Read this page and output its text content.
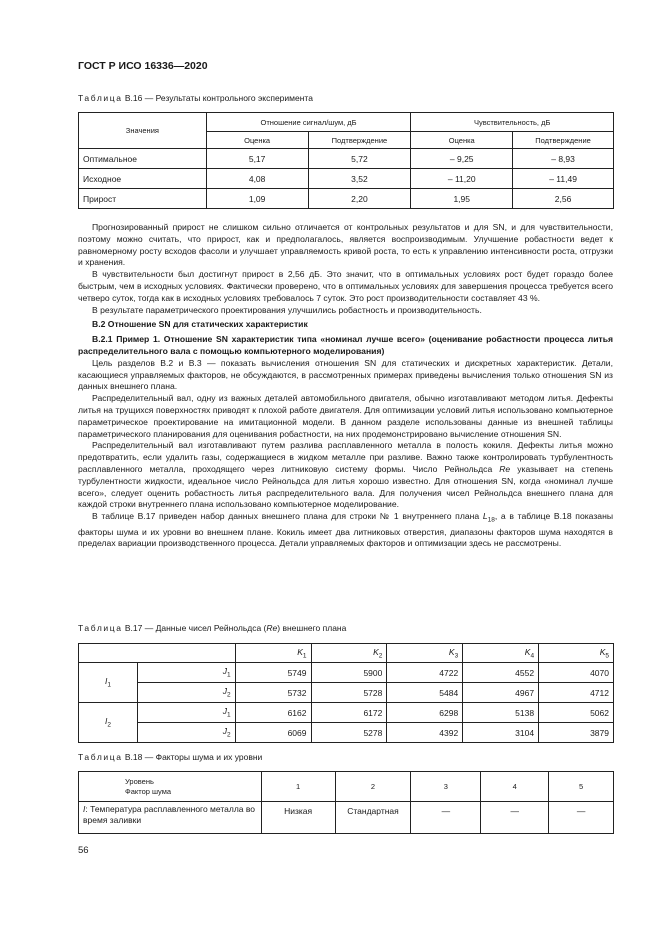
ГОСТ Р ИСО 16336—2020
Таблица В.16 — Результаты контрольного эксперимента
Значения	Отношение сигнал/шум, дБ		Чувствительность, дБ	
	Оценка	Подтверждение	Оценка	Подтверждение
Оптимальное	5,17	5,72	– 9,25	– 8,93
Исходное	4,08	3,52	– 11,20	– 11,49
Прирост	1,09	2,20	1,95	2,56

Прогнозированный прирост не слишком сильно отличается от контрольных результатов и для SN, и для чувствительности, поэтому можно считать, что прирост, как и предполагалось, является воспроизводимым. Улучшение робастности ведет к равномерному росту всходов фасоли и улучшает управляемость кривой роста, то есть к управлению интенсивности роста, отгрузки и хранения.

В чувствительности был достигнут прирост в 2,56 дБ. Это значит, что в оптимальных условиях рост будет гораздо более быстрым, чем в исходных условиях. Фактически проверено, что в оптимальных условиях для завершения процесса требуется всего четверо суток, тогда как в исходных условиях требовалось 7 суток. Это рост производительности составляет 43 %.

В результате параметрического проектирования улучшились робастность и производительность.

В.2 Отношение SN для статических характеристик

В.2.1 Пример 1. Отношение SN характеристик типа «номинал лучше всего» (оценивание робастности процесса литья распределительного вала с помощью компьютерного моделирования)

Цель разделов В.2 и В.3 — показать вычисления отношения SN для статических и дискретных характеристик. Детали, касающиеся управляемых факторов, не обсуждаются, в рассмотренных примерах приведены вычисления только отношения SN из данных внешнего плана.

Распределительный вал, одну из важных деталей автомобильного двигателя, обычно изготавливают методом литья. Дефекты литья на трущихся поверхностях приводят к плохой работе двигателя. Для оптимизации условий литья использовано компьютерное параметрическое проектирование на имитационной модели. В данном разделе использованы данные из внешней таблицы параметрического планирования для оценивания робастности, на них продемонстрировано вычисление отношения SN.

Распределительный вал изготавливают путем разлива расплавленного металла в полость кокиля. Дефекты литья можно предотвратить, если удалить газы, содержащиеся в жидком металле при разливе. Важно также контролировать турбулентность расплавленного металла, проходящего через литниковую систему формы. Число Рейнольдса Re указывает на степень турбулентности жидкости, идеальное число Рейнольдса для литья хорошо известно. Для отношения SN, когда «номинал лучше всего», следует оценить робастность литья распределительного вала. Для получения чисел Рейнольдса внешнего плана для каждой строки внутреннего плана использовано компьютерное моделирование.

В таблице В.17 приведен набор данных внешнего плана для строки № 1 внутреннего плана $L_{18}$, а в таблице В.18 показаны факторы шума и их уровни во внешнем плане. Кокиль имеет два литниковых отверстия, диапазоны факторов шума находятся в пределах вариации производственного процесса. Детали управляемых факторов и оптимизации здесь не рассмотрены.

Таблица В.17 — Данные чисел Рейнольдса (Re) внешнего плана
		$K_1$	$K_2$	$K_3$	$K_4$	$K_5$
$I_1$	$J_1$	5749	5900	4722	4552	4070
	$J_2$	5732	5728	5484	4967	4712
$I_2$	$J_1$	6162	6172	6298	5138	5062
	$J_2$	6069	5278	4392	3104	3879
Таблица В.18 — Факторы шума и их уровни
Уровень
Фактор шума	1	2	3	4	5
I: Температура расплавленного металла во время заливки	Низкая	Стандартная	—	—	—
56
